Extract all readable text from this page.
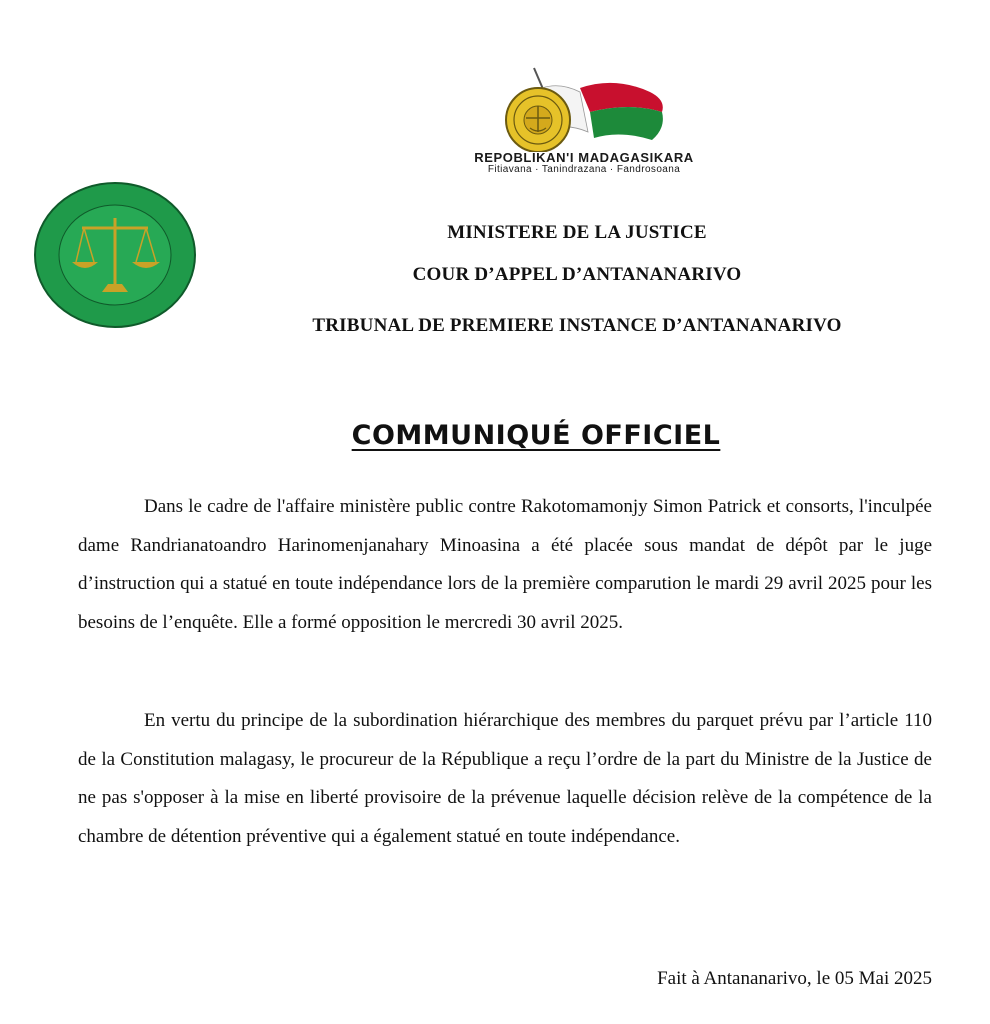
REPOBLIKAN'I MADAGASIKARA
Fitiavana · Tanindrazana · Fandrosoana
MINISTERE DE LA JUSTICE
COUR D’APPEL D’ANTANANARIVO
TRIBUNAL DE PREMIERE INSTANCE D’ANTANANARIVO
COMMUNIQUÉ OFFICIEL

Dans le cadre de l'affaire ministère public contre Rakotomamonjy Simon Patrick et consorts, l'inculpée dame Randrianatoandro Harinomenjanahary Minoasina a été placée sous mandat de dépôt par le juge d’instruction qui a statué en toute indépendance lors de la première comparution le mardi 29 avril 2025 pour les besoins de l’enquête. Elle a formé opposition le mercredi 30 avril 2025.

En vertu du principe de la subordination hiérarchique des membres du parquet prévu par l’article 110 de la Constitution malagasy, le procureur de la République a reçu l’ordre de la part du Ministre de la Justice de ne pas s'opposer à la mise en liberté provisoire de la prévenue laquelle décision relève de la compétence de la chambre de détention préventive qui a également statué en toute indépendance.

Fait à Antananarivo, le 05 Mai 2025
